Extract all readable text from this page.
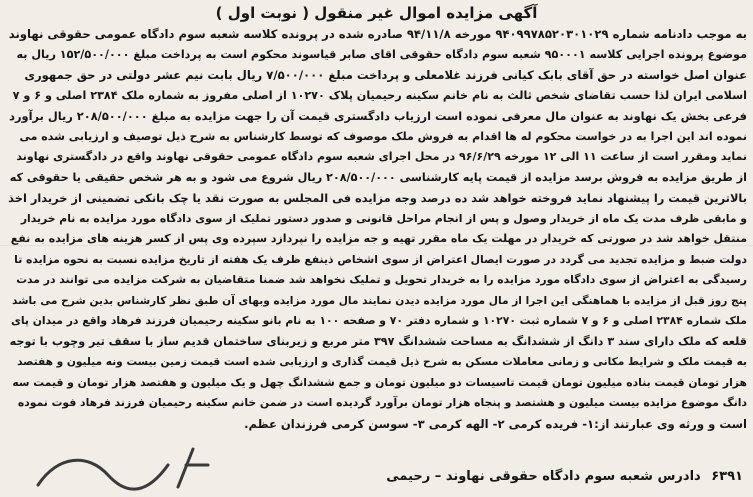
آگهی مزایده اموال غیر منقول ( نوبت اول )
به موجب دادنامه شماره ۹۴۰۹۹۷۸۵۲۰۳۰۱۰۲۹ مورخه ۹۴/۱۱/۸ صادره شده در پرونده کلاسه شعبه سوم دادگاه عمومی حقوقی نهاوند
موضوع پرونده اجرایی کلاسه ۹۵۰۰۰۱ شعبه سوم دادگاه حقوقی اقای صابر قیاسوند محکوم است به پرداخت مبلغ ۱۵۲/۵۰۰/۰۰۰ ریال به
عنوان اصل خواسته در حق آقای بابک کیانی فرزند غلامعلی و پرداخت مبلغ ۷/۵۰۰/۰۰۰ ریال بابت نیم عشر دولتی در حق جمهوری
اسلامی ایران لذا حسب تقاضای شخص ثالث به نام خانم سکینه رحیمیان پلاک ۱۰۲۷۰ از اصلی مفروز به شماره ملک ۲۳۸۴ اصلی و ۶ و ۷
فرعی بخش یک نهاوند به عنوان مال معرفی نموده است ارزیاب دادگستری قیمت آن را جهت مزایده به مبلغ ۲۰۸/۵۰۰/۰۰۰ ریال برآورد
نموده اند این اجرا به در خواست محکوم له ها اقدام به فروش ملک موصوف که توسط کارشناس به شرح ذیل توصیف و ارزیابی شده می
نماید ومقرر است از ساعت ۱۱ الی ۱۲ مورخه ۹۶/۶/۲۹ در محل اجرای شعبه سوم دادگاه عمومی حقوقی نهاوند واقع در دادگستری نهاوند
از طریق مزایده به فروش برسد مزایده از قیمت پایه کارشناسی ۲۰۸/۵۰۰/۰۰۰ ریال شروع می شود و به هر شخص حقیقی یا حقوقی که
بالاترین قیمت را پیشنهاد نماید فروخته خواهد شد ده درصد وجه مزایده فی المجلس به صورت نقد یا چک بانکی تضمینی از خریدار اخذ
و مابقی ظرف مدت یک ماه از خریدار وصول و پس از انجام مراحل قانونی و صدور دستور تملیک از سوی دادگاه مورد مزایده به نام خریدار
منتقل خواهد شد در صورتی که خریدار در مهلت یک ماه مقرر تهیه و جه مزایده را نپردازد سپرده وی پس از کسر هزینه های مزایده به نفع
دولت ضبط و مزایده تجدید می گردد در صورت ایصال اعتراض از سوی اشخاص ذینفع ظرف یک هفته از تاریخ مزایده نسبت به نحوه مزایده تا
رسیدگی به اعتراض از سوی دادگاه مورد مزایده را به خریدار تحویل و تملیک نخواهد شد ضمنا متقاضیان به شرکت مزایده می توانند در مدت
پنج روز قبل از مزایده با هماهنگی این اجرا از مال مورد مزایده دیدن نمایند مال مورد مزایده وبهای آن طبق نظر کارشناس بدین شرح می باشد
ملک شماره ۲۳۸۴ اصلی و ۶ و ۷ شماره ثبت ۱۰۲۷۰ و شماره دفتر ۷۰ و صفحه ۱۰۰ به نام بانو سکینه رحیمیان فرزند فرهاد واقع در میدان پای
قلعه که ملک دارای سند ۳ دانگ از ششدانگ به مساحت ششدانگ ۳۹۷ متر مربع و زیربنای ساختمان قدیم ساز با سقف تیر وچوب با توجه
به قیمت ملک و شرایط مکانی و زمانی معاملات مسکن به شرح ذیل قیمت گذاری و ارزیابی شده است قیمت زمین بیست ونه میلیون و هفتصد
هزار تومان قیمت بناده میلیون تومان قیمت تاسیسات دو میلیون تومان و جمع ششدانگ چهل و یک میلیون و هفتصد هزار تومان و قیمت سه
دانگ موضوع مزایده بیست میلیون و هشتصد و پنجاه هزار تومان برآورد گردیده است در ضمن خانم سکینه رحیمیان فرزند فرهاد فوت نموده
است و ورثه وی عبارتند از:۱- فریده کرمی ۲- الهه کرمی ۳- سوسن کرمی فرزندان عظم.
۶۳۹۱ دادرس شعبه سوم دادگاه حقوقی نهاوند – رحیمی
